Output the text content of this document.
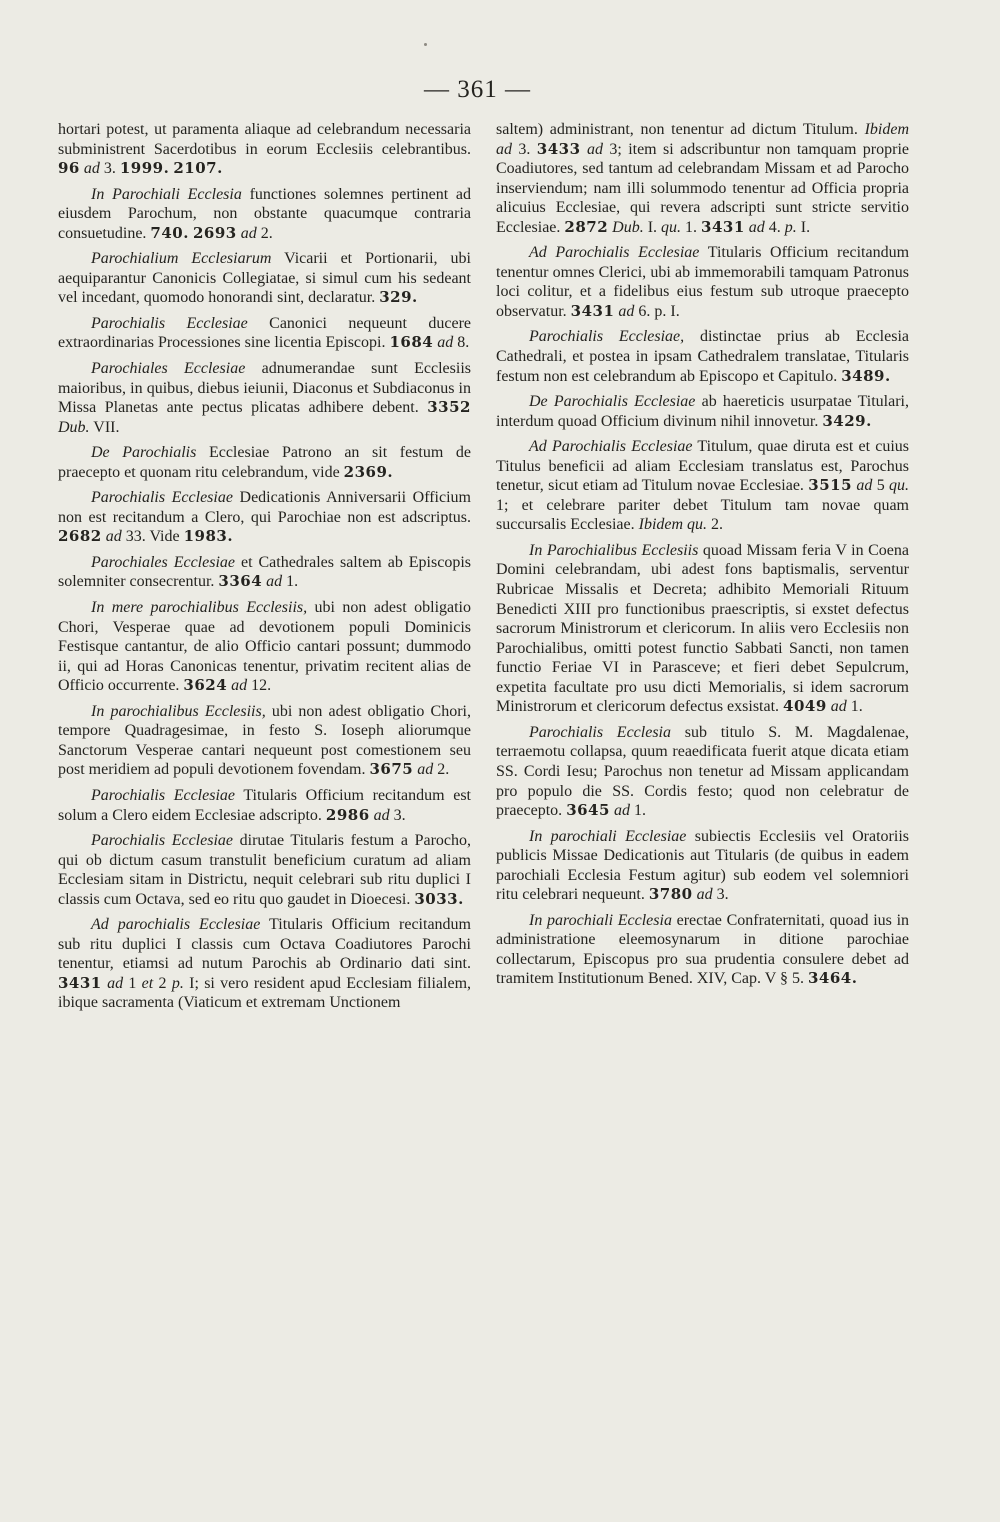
— 361 —

hortari potest, ut paramenta aliaque ad celebrandum necessaria subministrent Sacerdotibus in eorum Ecclesiis celebrantibus. 96 ad 3. 1999. 2107.

In Parochiali Ecclesia functiones solemnes pertinent ad eiusdem Parochum, non obstante quacumque contraria consuetudine. 740. 2693 ad 2.

Parochialium Ecclesiarum Vicarii et Portionarii, ubi aequiparantur Canonicis Collegiatae, si simul cum his sedeant vel incedant, quomodo honorandi sint, declaratur. 329.

Parochialis Ecclesiae Canonici nequeunt ducere extraordinarias Processiones sine licentia Episcopi. 1684 ad 8.

Parochiales Ecclesiae adnumerandae sunt Ecclesiis maioribus, in quibus, diebus ieiunii, Diaconus et Subdiaconus in Missa Planetas ante pectus plicatas adhibere debent. 3352 Dub. VII.

De Parochialis Ecclesiae Patrono an sit festum de praecepto et quonam ritu celebrandum, vide 2369.

Parochialis Ecclesiae Dedicationis Anniversarii Officium non est recitandum a Clero, qui Parochiae non est adscriptus. 2682 ad 33. Vide 1983.

Parochiales Ecclesiae et Cathedrales saltem ab Episcopis solemniter consecrentur. 3364 ad 1.

In mere parochialibus Ecclesiis, ubi non adest obligatio Chori, Vesperae quae ad devotionem populi Dominicis Festisque cantantur, de alio Officio cantari possunt; dummodo ii, qui ad Horas Canonicas tenentur, privatim recitent alias de Officio occurrente. 3624 ad 12.

In parochialibus Ecclesiis, ubi non adest obligatio Chori, tempore Quadragesimae, in festo S. Ioseph aliorumque Sanctorum Vesperae cantari nequeunt post comestionem seu post meridiem ad populi devotionem fovendam. 3675 ad 2.

Parochialis Ecclesiae Titularis Officium recitandum est solum a Clero eidem Ecclesiae adscripto. 2986 ad 3.

Parochialis Ecclesiae dirutae Titularis festum a Parocho, qui ob dictum casum transtulit beneficium curatum ad aliam Ecclesiam sitam in Districtu, nequit celebrari sub ritu duplici I classis cum Octava, sed eo ritu quo gaudet in Dioecesi. 3033.

Ad parochialis Ecclesiae Titularis Officium recitandum sub ritu duplici I classis cum Octava Coadiutores Parochi tenentur, etiamsi ad nutum Parochis ab Ordinario dati sint. 3431 ad 1 et 2 p. I; si vero resident apud Ecclesiam filialem, ibique sacramenta (Viaticum et extremam Unctionem

saltem) administrant, non tenentur ad dictum Titulum. Ibidem ad 3. 3433 ad 3; item si adscribuntur non tamquam proprie Coadiutores, sed tantum ad celebrandam Missam et ad Parocho inserviendum; nam illi solummodo tenentur ad Officia propria alicuius Ecclesiae, qui revera adscripti sunt stricte servitio Ecclesiae. 2872 Dub. I. qu. 1. 3431 ad 4. p. I.

Ad Parochialis Ecclesiae Titularis Officium recitandum tenentur omnes Clerici, ubi ab immemorabili tamquam Patronus loci colitur, et a fidelibus eius festum sub utroque praecepto observatur. 3431 ad 6. p. I.

Parochialis Ecclesiae, distinctae prius ab Ecclesia Cathedrali, et postea in ipsam Cathedralem translatae, Titularis festum non est celebrandum ab Episcopo et Capitulo. 3489.

De Parochialis Ecclesiae ab haereticis usurpatae Titulari, interdum quoad Officium divinum nihil innovetur. 3429.

Ad Parochialis Ecclesiae Titulum, quae diruta est et cuius Titulus beneficii ad aliam Ecclesiam translatus est, Parochus tenetur, sicut etiam ad Titulum novae Ecclesiae. 3515 ad 5 qu. 1; et celebrare pariter debet Titulum tam novae quam succursalis Ecclesiae. Ibidem qu. 2.

In Parochialibus Ecclesiis quoad Missam feria V in Coena Domini celebrandam, ubi adest fons baptismalis, serventur Rubricae Missalis et Decreta; adhibito Memoriali Rituum Benedicti XIII pro functionibus praescriptis, si exstet defectus sacrorum Ministrorum et clericorum. In aliis vero Ecclesiis non Parochialibus, omitti potest functio Sabbati Sancti, non tamen functio Feriae VI in Parasceve; et fieri debet Sepulcrum, expetita facultate pro usu dicti Memorialis, si idem sacrorum Ministrorum et clericorum defectus exsistat. 4049 ad 1.

Parochialis Ecclesia sub titulo S. M. Magdalenae, terraemotu collapsa, quum reaedificata fuerit atque dicata etiam SS. Cordi Iesu; Parochus non tenetur ad Missam applicandam pro populo die SS. Cordis festo; quod non celebratur de praecepto. 3645 ad 1.

In parochiali Ecclesiae subiectis Ecclesiis vel Oratoriis publicis Missae Dedicationis aut Titularis (de quibus in eadem parochiali Ecclesia Festum agitur) sub eodem vel solemniori ritu celebrari nequeunt. 3780 ad 3.

In parochiali Ecclesia erectae Confraternitati, quoad ius in administratione eleemosynarum in ditione parochiae collectarum, Episcopus pro sua prudentia consulere debet ad tramitem Institutionum Bened. XIV, Cap. V § 5. 3464.
